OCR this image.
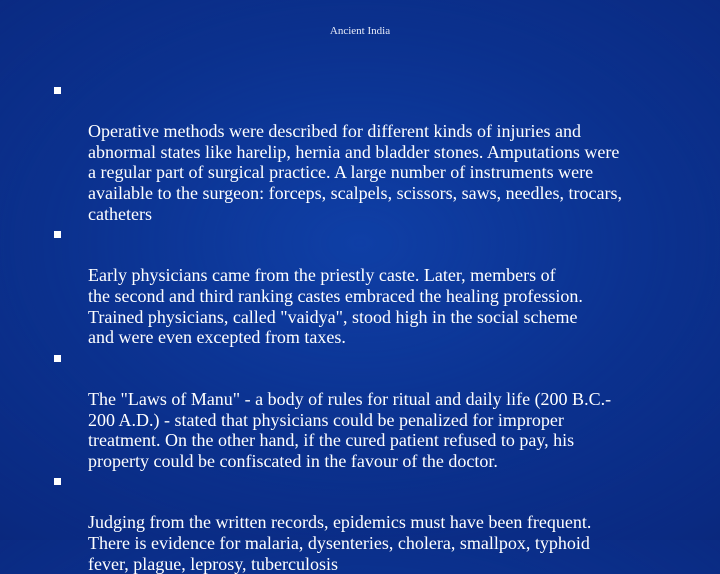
Ancient India

Operative methods were described for different kinds of injuries and
abnormal states like harelip, hernia and bladder stones. Amputations were
a regular part of surgical practice. A large number of instruments were
available to the surgeon: forceps, scalpels, scissors, saws, needles, trocars,
catheters

Early physicians came from the priestly caste. Later, members of
the second and third ranking castes embraced the healing profession.
Trained physicians, called "vaidya", stood high in the social scheme
and were even excepted from taxes.

The "Laws of Manu" - a body of rules for ritual and daily life (200 B.C.-
200 A.D.) - stated that physicians could be penalized for improper
treatment. On the other hand, if the cured patient refused to pay, his
property could be confiscated in the favour of the doctor.

Judging from the written records, epidemics must have been frequent.
There is evidence for malaria, dysenteries, cholera, smallpox, typhoid
fever, plague, leprosy, tuberculosis
